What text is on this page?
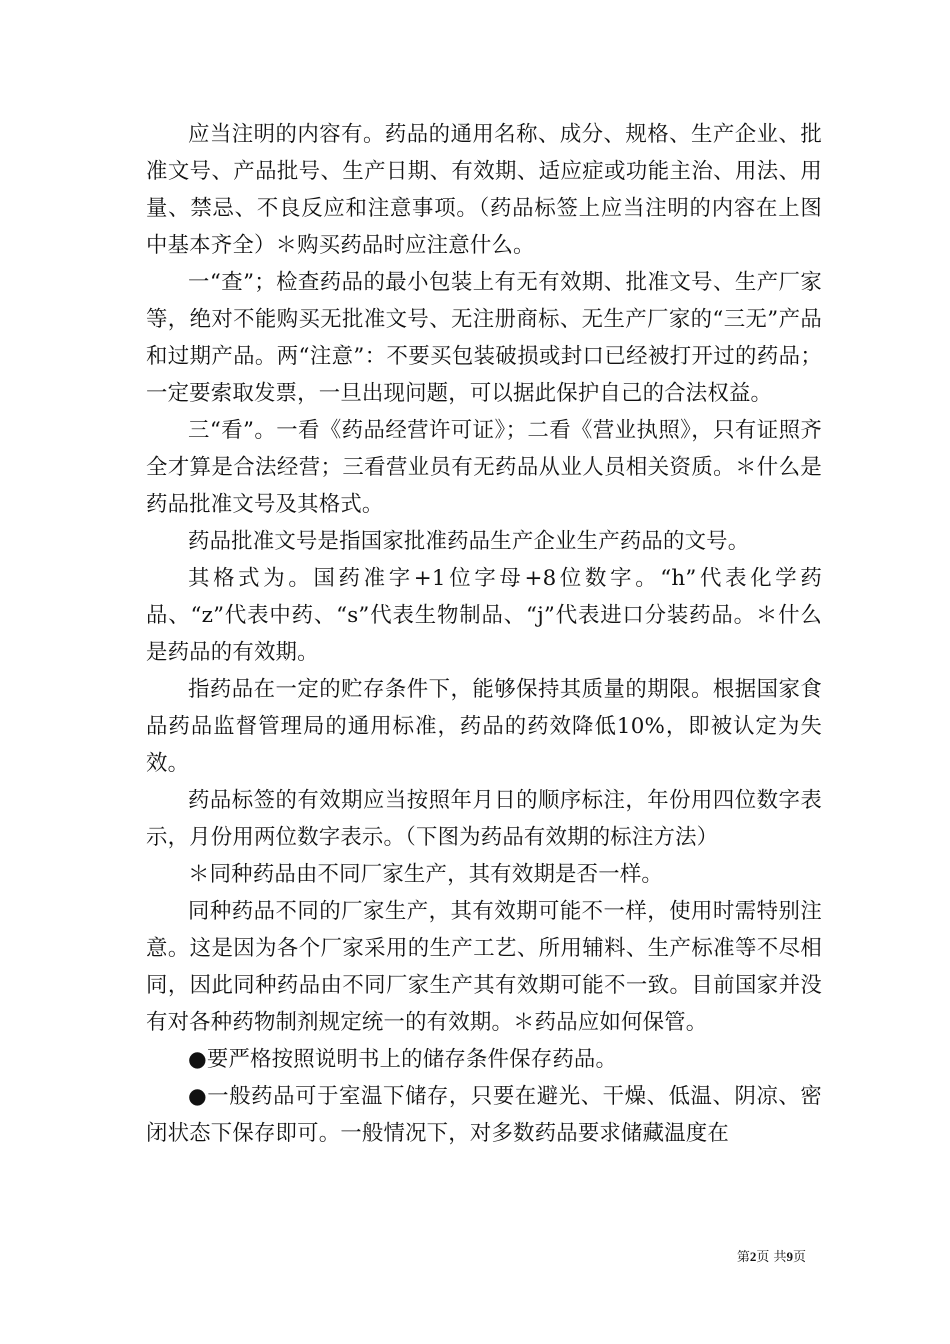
应当注明的内容有。药品的通用名称、成分、规格、生产企业、批准文号、产品批号、生产日期、有效期、适应症或功能主治、用法、用量、禁忌、不良反应和注意事项。（药品标签上应当注明的内容在上图中基本齐全）＊购买药品时应注意什么。

一“查”；检查药品的最小包装上有无有效期、批准文号、生产厂家等，绝对不能购买无批准文号、无注册商标、无生产厂家的“三无”产品和过期产品。两“注意”：不要买包装破损或封口已经被打开过的药品；一定要索取发票，一旦出现问题，可以据此保护自己的合法权益。

三“看”。一看《药品经营许可证》；二看《营业执照》，只有证照齐全才算是合法经营；三看营业员有无药品从业人员相关资质。＊什么是药品批准文号及其格式。

药品批准文号是指国家批准药品生产企业生产药品的文号。

其格式为。国药准字+1位字母+8位数字。“h”代表化学药品、“z”代表中药、“s”代表生物制品、“j”代表进口分装药品。＊什么是药品的有效期。

指药品在一定的贮存条件下，能够保持其质量的期限。根据国家食品药品监督管理局的通用标准，药品的药效降低10%，即被认定为失效。

药品标签的有效期应当按照年月日的顺序标注，年份用四位数字表示，月份用两位数字表示。（下图为药品有效期的标注方法）

＊同种药品由不同厂家生产，其有效期是否一样。

同种药品不同的厂家生产，其有效期可能不一样，使用时需特别注意。这是因为各个厂家采用的生产工艺、所用辅料、生产标准等不尽相同，因此同种药品由不同厂家生产其有效期可能不一致。目前国家并没有对各种药物制剂规定统一的有效期。＊药品应如何保管。

●要严格按照说明书上的储存条件保存药品。

●一般药品可于室温下储存，只要在避光、干燥、低温、阴凉、密闭状态下保存即可。一般情况下，对多数药品要求储藏温度在

第2页 共9页
